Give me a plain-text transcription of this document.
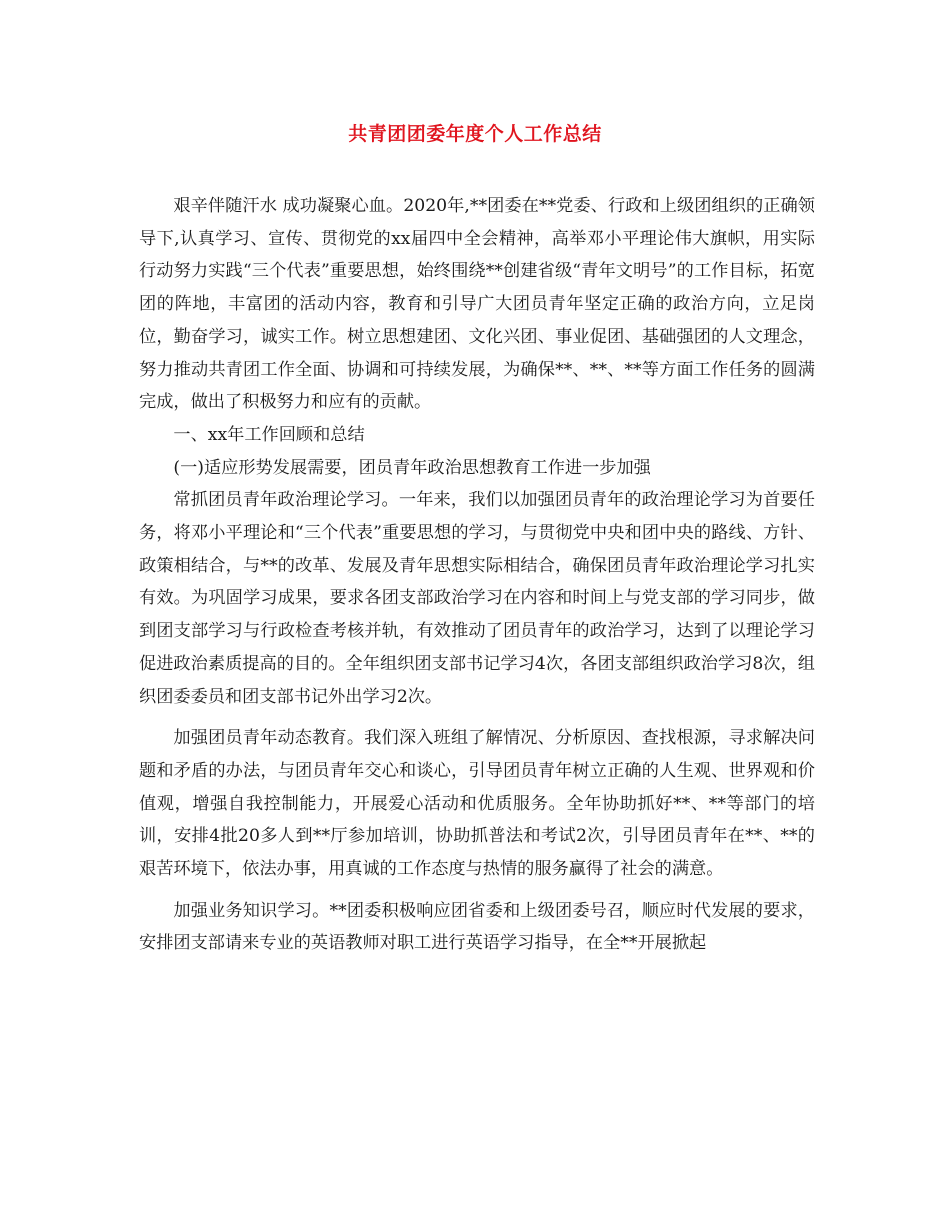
共青团团委年度个人工作总结

艰辛伴随汗水 成功凝聚心血。2020年,**团委在**党委、行政和上级团组织的正确领导下,认真学习、宣传、贯彻党的xx届四中全会精神，高举邓小平理论伟大旗帜，用实际行动努力实践“三个代表”重要思想，始终围绕**创建省级“青年文明号”的工作目标，拓宽团的阵地，丰富团的活动内容，教育和引导广大团员青年坚定正确的政治方向，立足岗位，勤奋学习，诚实工作。树立思想建团、文化兴团、事业促团、基础强团的人文理念，努力推动共青团工作全面、协调和可持续发展，为确保**、**、**等方面工作任务的圆满完成，做出了积极努力和应有的贡献。

一、xx年工作回顾和总结

(一)适应形势发展需要，团员青年政治思想教育工作进一步加强

常抓团员青年政治理论学习。一年来，我们以加强团员青年的政治理论学习为首要任务，将邓小平理论和“三个代表”重要思想的学习，与贯彻党中央和团中央的路线、方针、政策相结合，与**的改革、发展及青年思想实际相结合，确保团员青年政治理论学习扎实有效。为巩固学习成果，要求各团支部政治学习在内容和时间上与党支部的学习同步，做到团支部学习与行政检查考核并轨，有效推动了团员青年的政治学习，达到了以理论学习促进政治素质提高的目的。全年组织团支部书记学习4次，各团支部组织政治学习8次，组织团委委员和团支部书记外出学习2次。

加强团员青年动态教育。我们深入班组了解情况、分析原因、查找根源，寻求解决问题和矛盾的办法，与团员青年交心和谈心，引导团员青年树立正确的人生观、世界观和价值观，增强自我控制能力，开展爱心活动和优质服务。全年协助抓好**、**等部门的培训，安排4批20多人到**厅参加培训，协助抓普法和考试2次，引导团员青年在**、**的艰苦环境下，依法办事，用真诚的工作态度与热情的服务赢得了社会的满意。

加强业务知识学习。**团委积极响应团省委和上级团委号召，顺应时代发展的要求，安排团支部请来专业的英语教师对职工进行英语学习指导，在全**开展掀起
